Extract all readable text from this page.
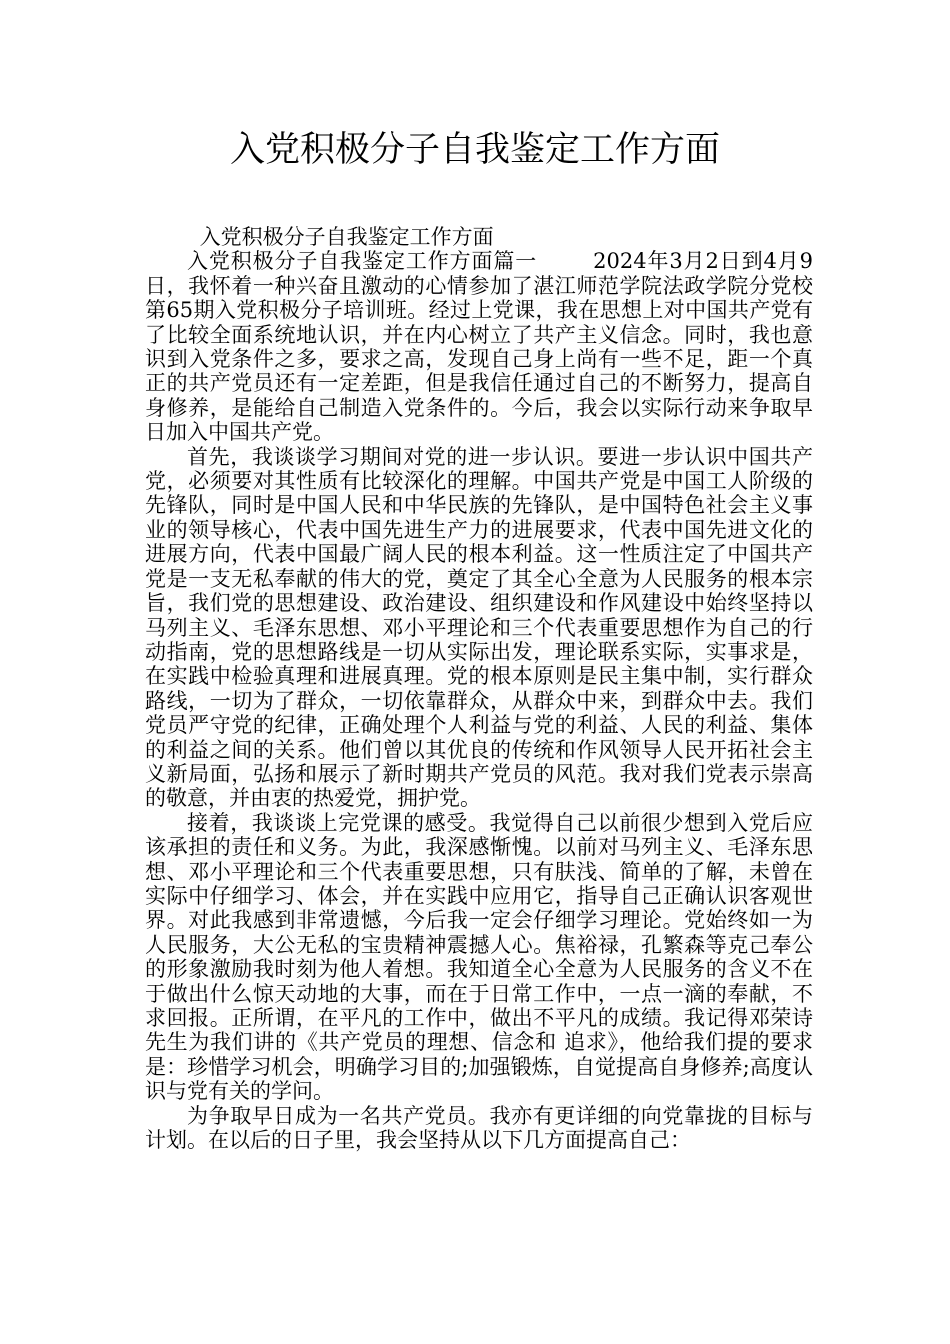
入党积极分子自我鉴定工作方面

入党积极分子自我鉴定工作方面

入党积极分子自我鉴定工作方面篇一	2024年3月2日到4月9日，我怀着一种兴奋且激动的心情参加了湛江师范学院法政学院分党校第65期入党积极分子培训班。经过上党课，我在思想上对中国共产党有了比较全面系统地认识，并在内心树立了共产主义信念。同时，我也意识到入党条件之多，要求之高，发现自己身上尚有一些不足，距一个真正的共产党员还有一定差距，但是我信任通过自己的不断努力，提高自身修养，是能给自己制造入党条件的。今后，我会以实际行动来争取早日加入中国共产党。

首先，我谈谈学习期间对党的进一步认识。要进一步认识中国共产党，必须要对其性质有比较深化的理解。中国共产党是中国工人阶级的先锋队，同时是中国人民和中华民族的先锋队，是中国特色社会主义事业的领导核心，代表中国先进生产力的进展要求，代表中国先进文化的进展方向，代表中国最广阔人民的根本利益。这一性质注定了中国共产党是一支无私奉献的伟大的党，奠定了其全心全意为人民服务的根本宗旨，我们党的思想建设、政治建设、组织建设和作风建设中始终坚持以马列主义、毛泽东思想、邓小平理论和三个代表重要思想作为自己的行动指南，党的思想路线是一切从实际出发，理论联系实际，实事求是，在实践中检验真理和进展真理。党的根本原则是民主集中制，实行群众路线，一切为了群众，一切依靠群众，从群众中来，到群众中去。我们党员严守党的纪律，正确处理个人利益与党的利益、人民的利益、集体的利益之间的关系。他们曾以其优良的传统和作风领导人民开拓社会主义新局面，弘扬和展示了新时期共产党员的风范。我对我们党表示崇高的敬意，并由衷的热爱党，拥护党。

接着，我谈谈上完党课的感受。我觉得自己以前很少想到入党后应该承担的责任和义务。为此，我深感惭愧。以前对马列主义、毛泽东思想、邓小平理论和三个代表重要思想，只有肤浅、简单的了解，未曾在实际中仔细学习、体会，并在实践中应用它，指导自己正确认识客观世界。对此我感到非常遗憾，今后我一定会仔细学习理论。党始终如一为人民服务，大公无私的宝贵精神震撼人心。焦裕禄，孔繁森等克己奉公的形象激励我时刻为他人着想。我知道全心全意为人民服务的含义不在于做出什么惊天动地的大事，而在于日常工作中，一点一滴的奉献，不求回报。正所谓，在平凡的工作中，做出不平凡的成绩。我记得邓荣诗先生为我们讲的《共产党员的理想、信念和 追求》，他给我们提的要求是：珍惜学习机会，明确学习目的;加强锻炼，自觉提高自身修养;高度认识与党有关的学问。

为争取早日成为一名共产党员。我亦有更详细的向党靠拢的目标与计划。在以后的日子里，我会坚持从以下几方面提高自己：
